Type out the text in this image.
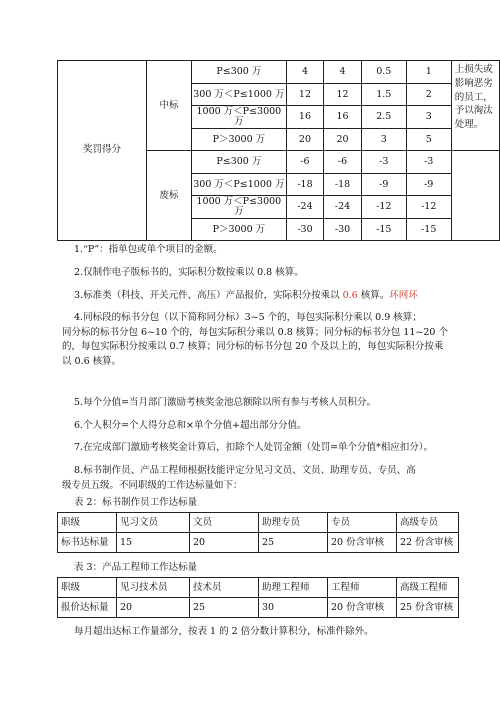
奖罚得分	中标	P≤300 万	4	4	0.5	1	上损失或影响恶劣的员工，予以淘汰处理。
		300 万＜P≤1000 万	12	12	1.5	2	
		1000 万＜P≤3000 万	16	16	2.5	3	
		P＞3000 万	20	20	3	5	
	废标	P≤300 万	-6	-6	-3	-3	
		300 万＜P≤1000 万	-18	-18	-9	-9	
		1000 万＜P≤3000 万	-24	-24	-12	-12	
		P＞3000 万	-30	-30	-15	-15	
1.“P”：指单包或单个项目的金额。
2.仅制作电子版标书的，实际积分数按乘以 0.8 核算。
3.标准类（科技、开关元件、高压）产品报价，实际积分按乘以 0.6 核算。环网环
4.同标段的标书分包（以下简称同分标）3~5 个的，每包实际积分乘以 0.9 核算；
同分标的标书分包 6~10 个的，每包实际积分乘以 0.8 核算；同分标的标书分包 11~20 个的，每包实际积分按乘以 0.7 核算；同分标的标书分包 20 个及以上的，每包实际积分按乘以 0.6 核算。
5.每个分值=当月部门激励考核奖金池总额除以所有参与考核人员积分。
6.个人积分=个人得分总和×单个分值+超出部分分值。
7.在完成部门激励考核奖金计算后，扣除个人处罚金额（处罚=单个分值*相应扣分）。
8.标书制作员、产品工程师根据技能评定分见习文员、文员、助理专员、专员、高
级专员五级。不同职级的工作达标量如下：
表 2：标书制作员工作达标量
职级	见习文员	文员	助理专员	专员	高级专员
标书达标量	15	20	25	20 份含审核	22 份含审核
表 3：产品工程师工作达标量
职级	见习技术员	技术员	助理工程师	工程师	高级工程师
报价达标量	20	25	30	20 份含审核	25 份含审核
每月超出达标工作量部分，按表 1 的 2 倍分数计算积分，标准件除外。
